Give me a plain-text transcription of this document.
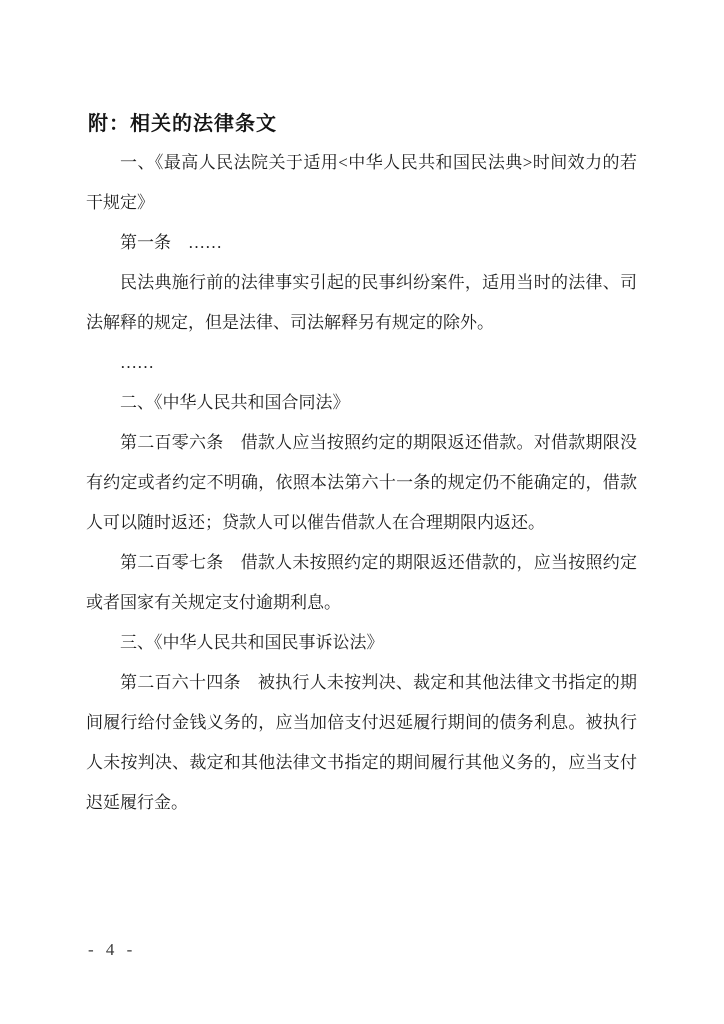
附：相关的法律条文

一、《最高人民法院关于适用<中华人民共和国民法典>时间效力的若干规定》

第一条　……

民法典施行前的法律事实引起的民事纠纷案件，适用当时的法律、司法解释的规定，但是法律、司法解释另有规定的除外。

……

二、《中华人民共和国合同法》

第二百零六条　借款人应当按照约定的期限返还借款。对借款期限没有约定或者约定不明确，依照本法第六十一条的规定仍不能确定的，借款人可以随时返还；贷款人可以催告借款人在合理期限内返还。

第二百零七条　借款人未按照约定的期限返还借款的，应当按照约定或者国家有关规定支付逾期利息。

三、《中华人民共和国民事诉讼法》

第二百六十四条　被执行人未按判决、裁定和其他法律文书指定的期间履行给付金钱义务的，应当加倍支付迟延履行期间的债务利息。被执行人未按判决、裁定和其他法律文书指定的期间履行其他义务的，应当支付迟延履行金。

- 4 -
